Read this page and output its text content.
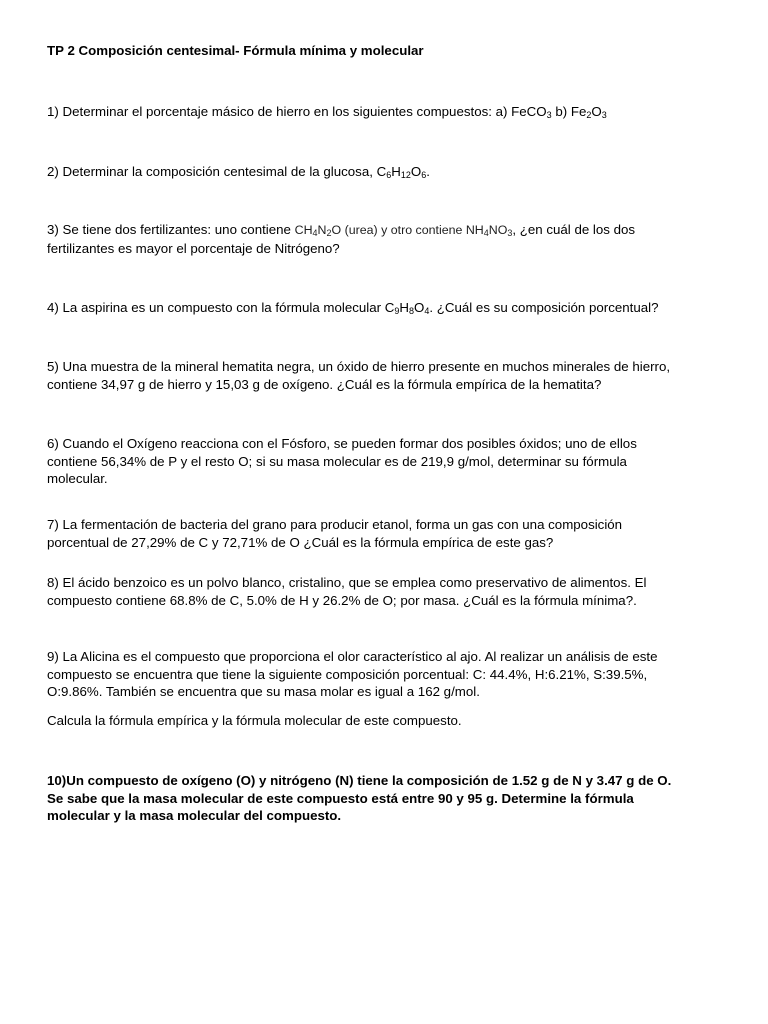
TP 2 Composición centesimal- Fórmula mínima y molecular
1) Determinar el porcentaje másico de hierro en los siguientes compuestos: a) FeCO$_3$ b) $Fe_2O_3$
2) Determinar la composición centesimal de la glucosa, $C_6H_{12}O_6$.
3) Se tiene dos fertilizantes: uno contiene $CH_4N_2O$ (urea) y otro contiene $NH_4NO_3$, ¿en cuál de los dos
fertilizantes es mayor el porcentaje de Nitrógeno?
4) La aspirina es un compuesto con la fórmula molecular $C_9H_8O_4$. ¿Cuál es su composición porcentual?
5) Una muestra de la mineral hematita negra, un óxido de hierro presente en muchos minerales de hierro,
contiene 34,97 g de hierro y 15,03 g de oxígeno. ¿Cuál es la fórmula empírica de la hematita?
6) Cuando el Oxígeno reacciona con el Fósforo, se pueden formar dos posibles óxidos; uno de ellos
contiene 56,34% de P y el resto O; si su masa molecular es de 219,9 g/mol, determinar su fórmula
molecular.
7) La fermentación de bacteria del grano para producir etanol, forma un gas con una composición
porcentual de 27,29% de C y 72,71% de O ¿Cuál es la fórmula empírica de este gas?
8) El ácido benzoico es un polvo blanco, cristalino, que se emplea como preservativo de alimentos. El
compuesto contiene 68.8% de C, 5.0% de H y 26.2% de O; por masa. ¿Cuál es la fórmula mínima?.
9) La Alicina es el compuesto que proporciona el olor característico al ajo. Al realizar un análisis de este
compuesto se encuentra que tiene la siguiente composición porcentual: C: 44.4%, H:6.21%, S:39.5%,
O:9.86%. También se encuentra que su masa molar es igual a 162 g/mol.
Calcula la fórmula empírica y la fórmula molecular de este compuesto.
10)Un compuesto de oxígeno (O) y nitrógeno (N) tiene la composición de 1.52 g de N y 3.47 g de O.
Se sabe que la masa molecular de este compuesto está entre 90 y 95 g. Determine la fórmula
molecular y la masa molecular del compuesto.
